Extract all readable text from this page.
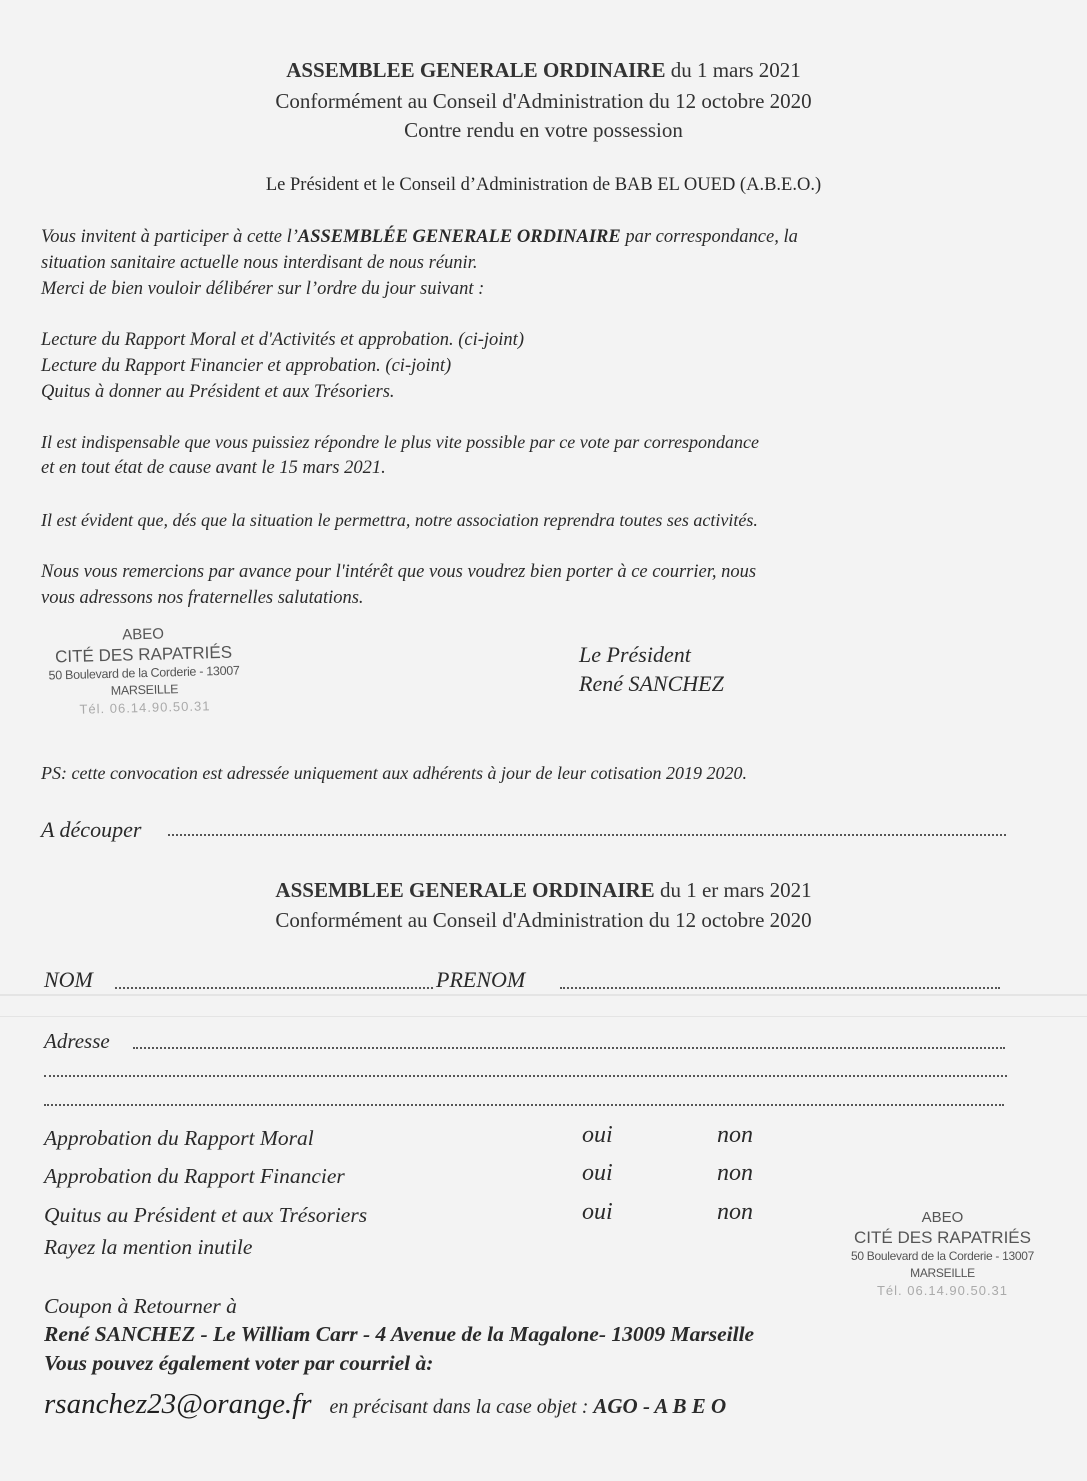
ASSEMBLEE GENERALE ORDINAIRE du 1 mars 2021
Conformément au Conseil d'Administration du 12 octobre 2020
Contre rendu en votre possession
Le Président et le Conseil d’Administration de BAB EL OUED (A.B.E.O.)
Vous invitent à participer à cette l’ASSEMBLÉE GENERALE ORDINAIRE par correspondance, la
situation sanitaire actuelle nous interdisant de nous réunir.
Merci de bien vouloir délibérer sur l’ordre du jour suivant :
Lecture du Rapport Moral et d'Activités et approbation. (ci-joint)
Lecture du Rapport Financier et approbation. (ci-joint)
Quitus à donner au Président et aux Trésoriers.
Il est indispensable que vous puissiez répondre le plus vite possible par ce vote par correspondance
et en tout état de cause avant le 15 mars 2021.
Il est évident que, dés que la situation le permettra, notre association reprendra toutes ses activités.
Nous vous remercions par avance pour l'intérêt que vous voudrez bien porter à ce courrier, nous
vous adressons nos fraternelles salutations.
ABEO
CITÉ DES RAPATRIÉS
50 Boulevard de la Corderie - 13007 MARSEILLE
Tél. 06.14.90.50.31
Le Président
René SANCHEZ
PS: cette convocation est adressée uniquement aux adhérents à jour de leur cotisation 2019 2020.
A découper
ASSEMBLEE GENERALE ORDINAIRE du 1 er mars 2021
Conformément au Conseil d'Administration du 12 octobre 2020
NOM	PRENOM
Adresse
Approbation du Rapport Moral	oui	non
Approbation du Rapport Financier	oui	non
Quitus au Président et aux Trésoriers	oui	non
Rayez la mention inutile
ABEO
CITÉ DES RAPATRIÉS
50 Boulevard de la Corderie - 13007 MARSEILLE
Tél. 06.14.90.50.31
Coupon à Retourner à
René SANCHEZ - Le William Carr - 4 Avenue de la Magalone- 13009 Marseille
Vous pouvez également voter par courriel à:
rsanchez23@orange.fr en précisant dans la case objet : AGO - A B E O
